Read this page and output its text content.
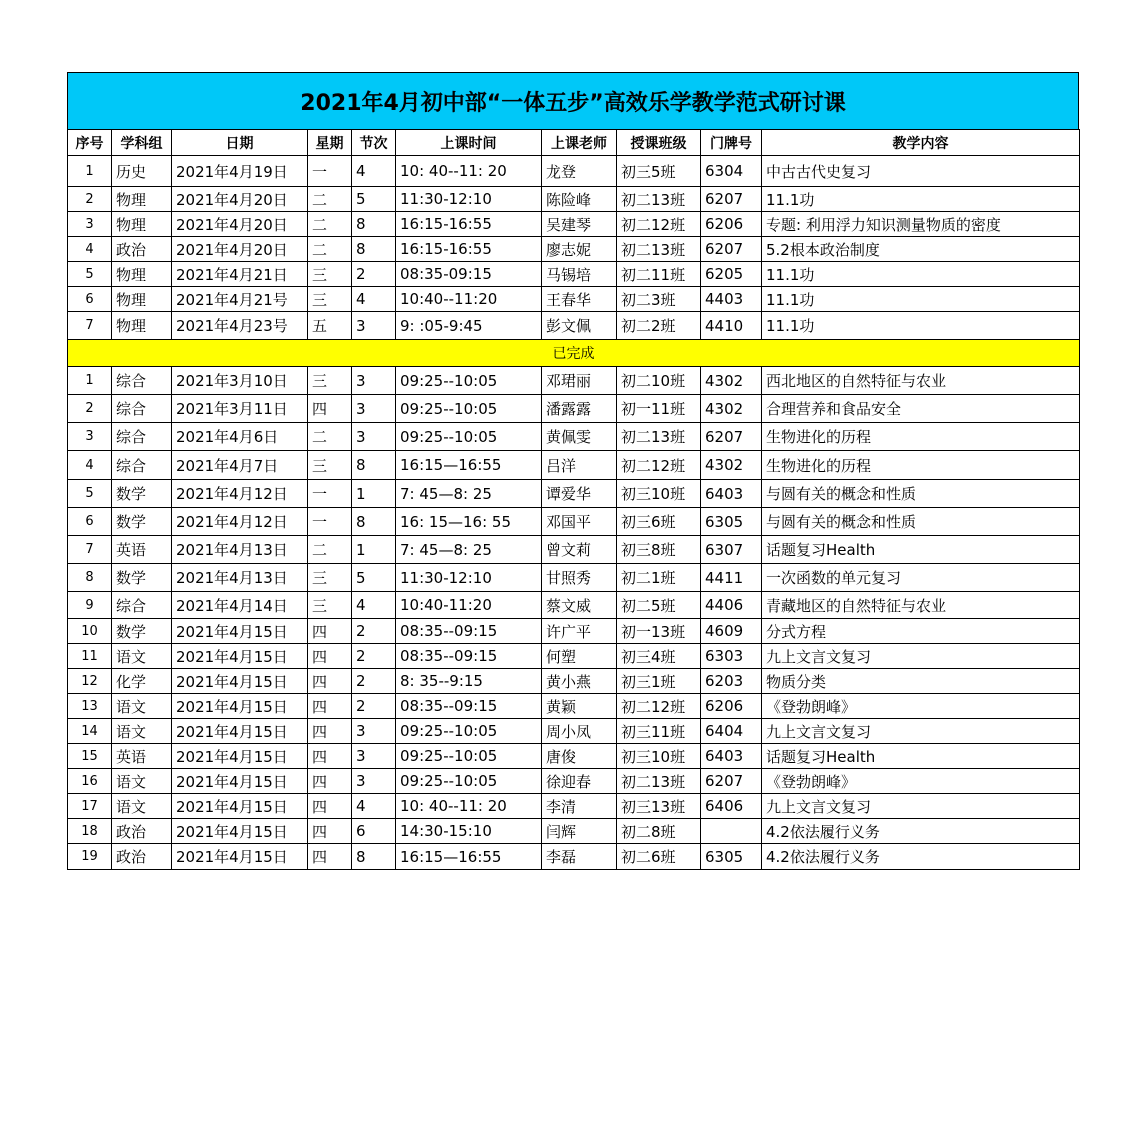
2021年4月初中部“一体五步”高效乐学教学范式研讨课
序号	学科组	日期	星期	节次	上课时间	上课老师	授课班级	门牌号	教学内容
1	历史	2021年4月19日	一	4	10: 40--11: 20	龙登	初三5班	6304	中古古代史复习
2	物理	2021年4月20日	二	5	11:30-12:10	陈险峰	初二13班	6207	11.1功
3	物理	2021年4月20日	二	8	16:15-16:55	吴建琴	初二12班	6206	专题: 利用浮力知识测量物质的密度
4	政治	2021年4月20日	二	8	16:15-16:55	廖志妮	初二13班	6207	5.2根本政治制度
5	物理	2021年4月21日	三	2	08:35-09:15	马锡培	初二11班	6205	11.1功
6	物理	2021年4月21号	三	4	10:40--11:20	王春华	初二3班	4403	11.1功
7	物理	2021年4月23号	五	3	9: :05-9:45	彭文佩	初二2班	4410	11.1功
已完成									
1	综合	2021年3月10日	三	3	09:25--10:05	邓珺丽	初二10班	4302	西北地区的自然特征与农业
2	综合	2021年3月11日	四	3	09:25--10:05	潘露露	初一11班	4302	合理营养和食品安全
3	综合	2021年4月6日	二	3	09:25--10:05	黄佩雯	初二13班	6207	生物进化的历程
4	综合	2021年4月7日	三	8	16:15—16:55	吕洋	初二12班	4302	生物进化的历程
5	数学	2021年4月12日	一	1	7: 45—8: 25	谭爱华	初三10班	6403	与圆有关的概念和性质
6	数学	2021年4月12日	一	8	16: 15—16: 55	邓国平	初三6班	6305	与圆有关的概念和性质
7	英语	2021年4月13日	二	1	7: 45—8: 25	曾文莉	初三8班	6307	话题复习Health
8	数学	2021年4月13日	三	5	11:30-12:10	甘照秀	初二1班	4411	一次函数的单元复习
9	综合	2021年4月14日	三	4	10:40-11:20	蔡文威	初二5班	4406	青藏地区的自然特征与农业
10	数学	2021年4月15日	四	2	08:35--09:15	许广平	初一13班	4609	分式方程
11	语文	2021年4月15日	四	2	08:35--09:15	何塑	初三4班	6303	九上文言文复习
12	化学	2021年4月15日	四	2	8: 35--9:15	黄小燕	初三1班	6203	物质分类
13	语文	2021年4月15日	四	2	08:35--09:15	黄颖	初二12班	6206	《登勃朗峰》
14	语文	2021年4月15日	四	3	09:25--10:05	周小凤	初三11班	6404	九上文言文复习
15	英语	2021年4月15日	四	3	09:25--10:05	唐俊	初三10班	6403	话题复习Health
16	语文	2021年4月15日	四	3	09:25--10:05	徐迎春	初二13班	6207	《登勃朗峰》
17	语文	2021年4月15日	四	4	10: 40--11: 20	李清	初三13班	6406	九上文言文复习
18	政治	2021年4月15日	四	6	14:30-15:10	闫辉	初二8班		4.2依法履行义务
19	政治	2021年4月15日	四	8	16:15—16:55	李磊	初二6班	6305	4.2依法履行义务
